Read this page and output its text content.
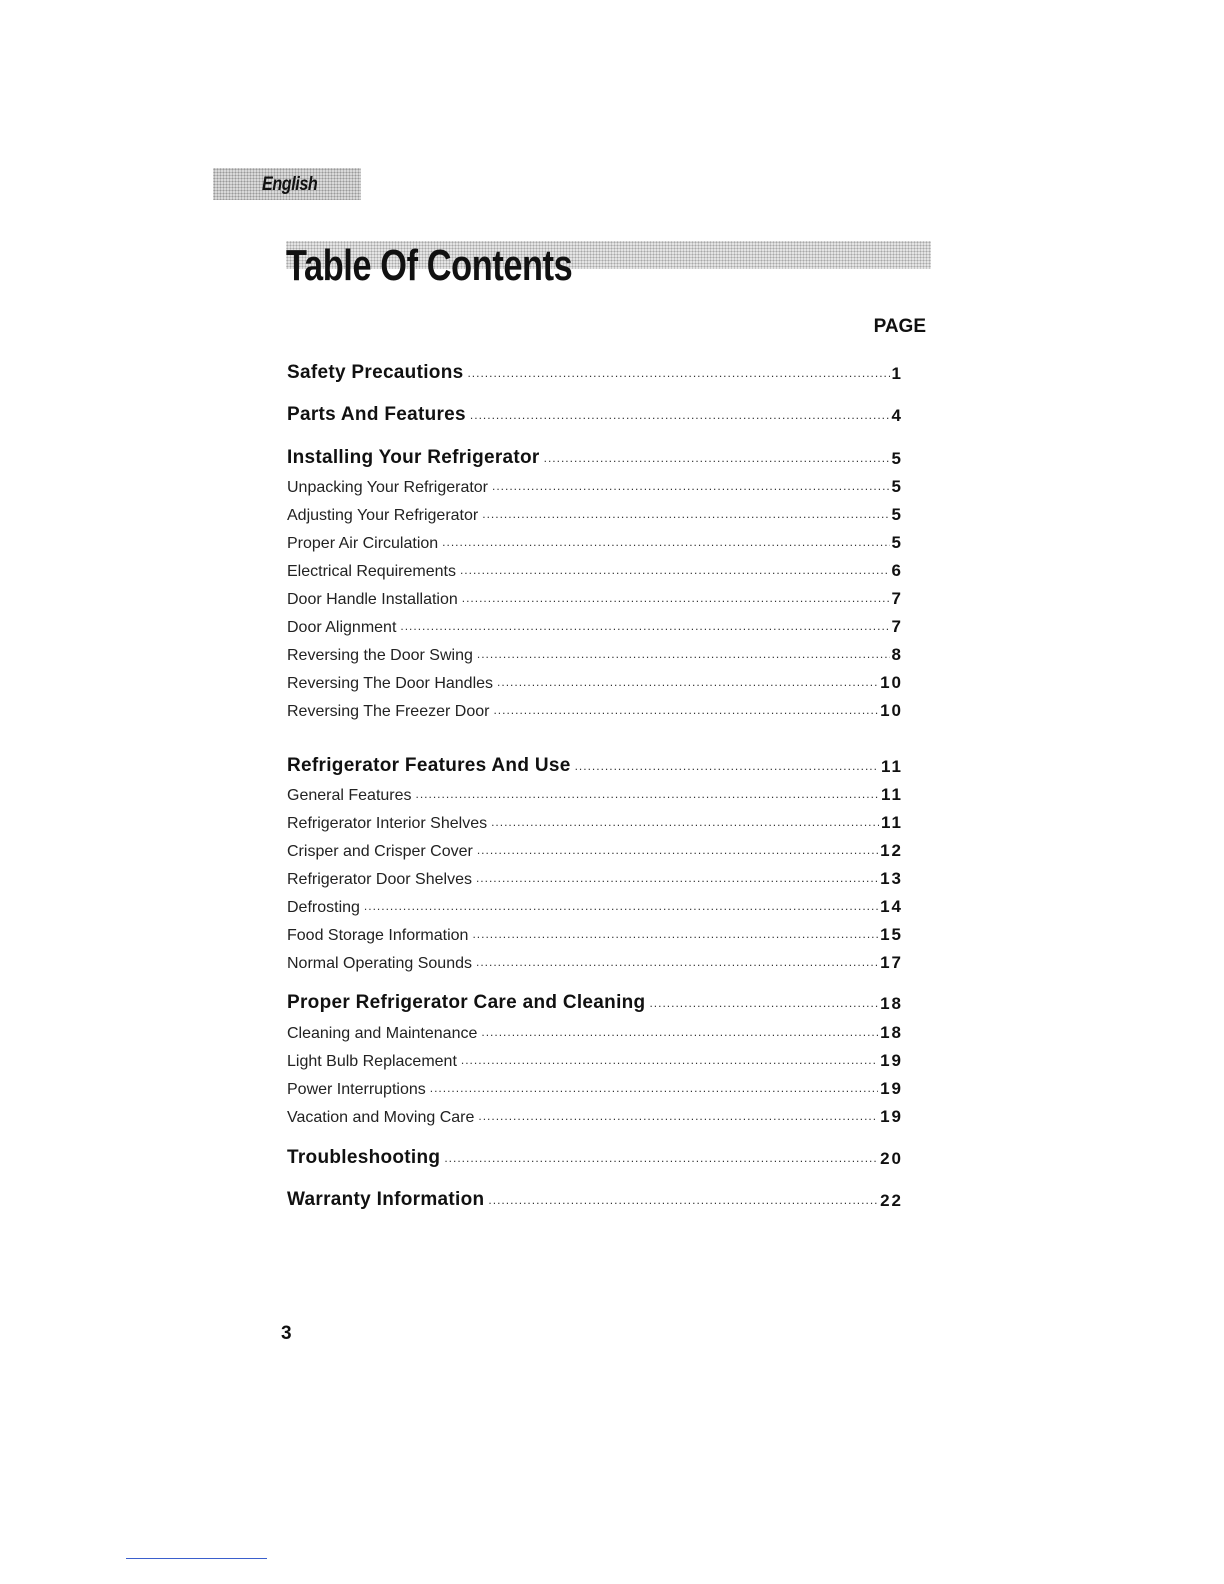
English
Table Of Contents
PAGE
Safety Precautions .....	1
Parts And Features .....	4
Installing Your Refrigerator .....	5
Unpacking Your Refrigerator .....	5
Adjusting Your Refrigerator .....	5
Proper Air Circulation .....	5
Electrical Requirements .....	6
Door Handle Installation .....	7
Door Alignment .....	7
Reversing the Door Swing .....	8
Reversing The Door Handles .....	10
Reversing The Freezer Door .....	10
Refrigerator Features And Use .....	11
General Features .....	11
Refrigerator Interior Shelves .....	11
Crisper and Crisper Cover .....	12
Refrigerator Door Shelves .....	13
Defrosting .....	14
Food Storage Information .....	15
Normal Operating Sounds .....	17
Proper Refrigerator Care and Cleaning .....	18
Cleaning and Maintenance .....	18
Light Bulb Replacement .....	19
Power Interruptions .....	19
Vacation and Moving Care .....	19
Troubleshooting .....	20
Warranty Information .....	22
3
